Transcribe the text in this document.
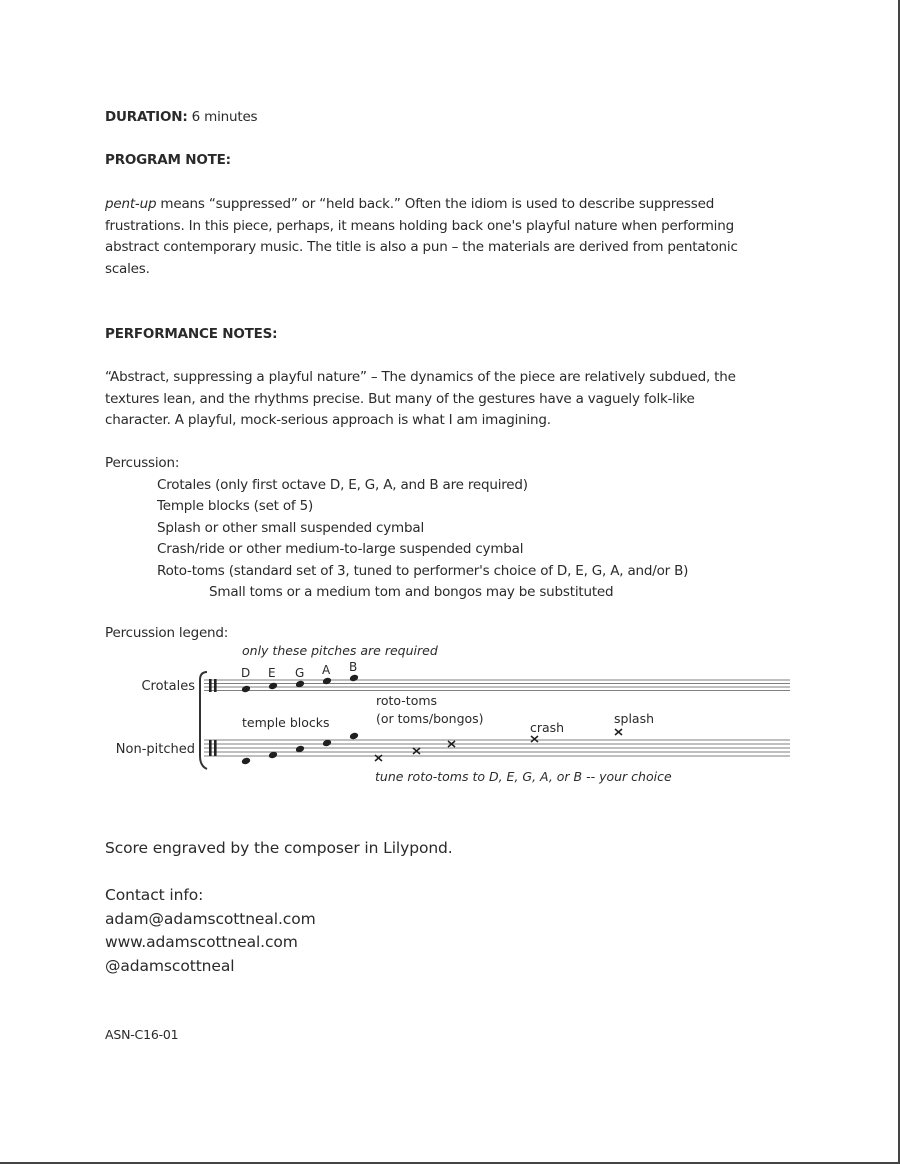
DURATION: 6 minutes
PROGRAM NOTE:
pent-up means “suppressed” or “held back.” Often the idiom is used to describe suppressed
frustrations. In this piece, perhaps, it means holding back one's playful nature when performing
abstract contemporary music. The title is also a pun – the materials are derived from pentatonic
scales.
PERFORMANCE NOTES:
“Abstract, suppressing a playful nature” – The dynamics of the piece are relatively subdued, the
textures lean, and the rhythms precise. But many of the gestures have a vaguely folk-like
character. A playful, mock-serious approach is what I am imagining.
Percussion:
Crotales (only first octave D, E, G, A, and B are required)
Temple blocks (set of 5)
Splash or other small suspended cymbal
Crash/ride or other medium-to-large suspended cymbal
Roto-toms (standard set of 3, tuned to performer's choice of D, E, G, A, and/or B)
Small toms or a medium tom and bongos may be substituted
Percussion legend:
Score engraved by the composer in Lilypond.
Contact info:
adam@adamscottneal.com
www.adamscottneal.com
@adamscottneal
ASN-C16-01
only these pitches are required
D E G A B
Crotales
Non-pitched
temple blocks
roto-toms
(or toms/bongos)
crash
splash
tune roto-toms to D, E, G, A, or B -- your choice
